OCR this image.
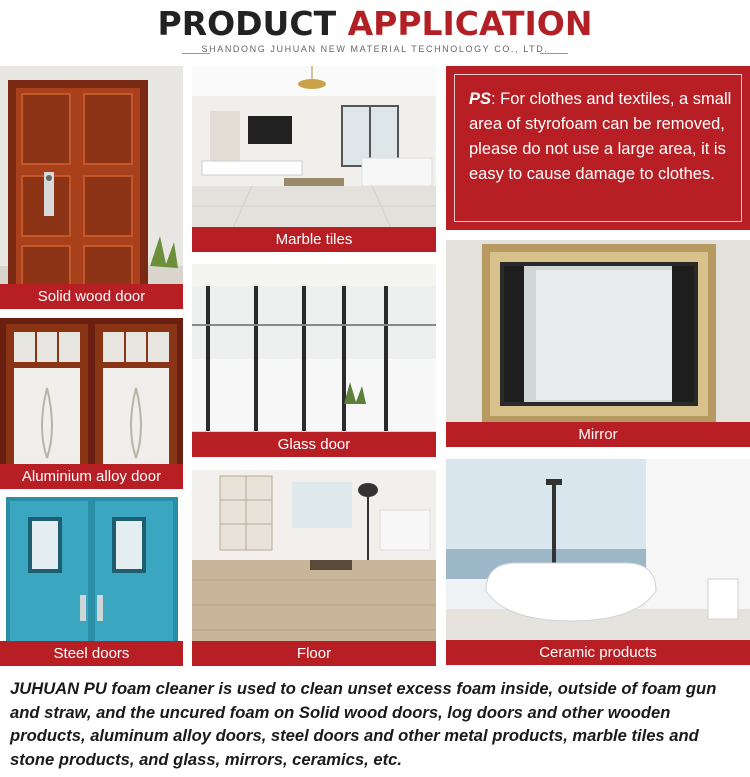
PRODUCT APPLICATION
SHANDONG JUHUAN NEW MATERIAL TECHNOLOGY CO., LTD.
Solid wood door
Marble tiles
PS: For clothes and textiles, a small area of styrofoam can be removed, please do not use a large area, it is easy to cause damage to clothes.
Glass door
Aluminium alloy door
Mirror
Ceramic products
Steel doors	Floor
JUHUAN PU foam cleaner is used to clean unset excess foam inside, outside of foam gun and straw, and the uncured foam on Solid wood doors, log doors and other wooden products, aluminum alloy doors, steel doors and other metal products, marble tiles and stone products, and glass, mirrors, ceramics, etc.
